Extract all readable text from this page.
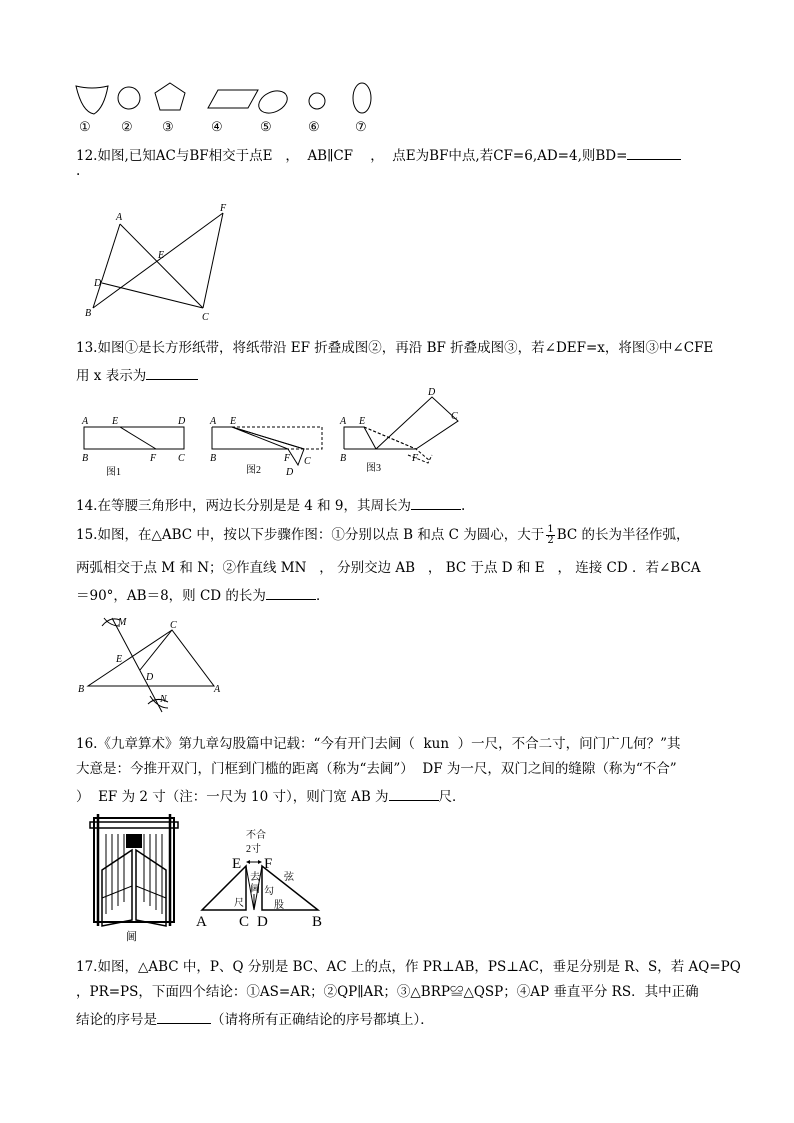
① ② ③	④	⑤	⑥	⑦
12.如图,已知AC与BF相交于点E   ，  AB∥CF    ，  点E为BF中点,若CF=6,AD=4,则BD=
.
A
B	C
D
E
F
13.如图①是长方形纸带，将纸带沿 EF 折叠成图②，再沿 BF 折叠成图③，若∠DEF=x，将图③中∠CFE
用 x 表示为
A E	D
B	F C
图1
A E
B	F C
D
图2
A E
D
C
B	F
图3
14.在等腰三角形中，两边长分别是是 4 和 9，其周长为	.
15.如图，在△ABC 中，按以下步骤作图：①分别以点 B 和点 C 为圆心，大于 $\frac{1}{2}$ BC 的长为半径作弧，
两弧相交于点 M 和 N；②作直线 MN   ， 分别交边 AB   ， BC 于点 D 和 E   ， 连接 CD ．若∠BCA
＝90°，AB＝8，则 CD 的长为	．
M	C
E
D
B	A
N
16.《九章算术》第九章勾股篇中记载：“今有开门去阃（  kun  ）一尺，不合二寸，问门广几何？”其
大意是：今推开双门，门框到门槛的距离（称为“去阃”）  DF 为一尺，双门之间的缝隙（称为“不合”
）  EF 为 2 寸（注：一尺为 10 寸），则门宽 AB 为	尺．
阃
不合
2寸
E F
A C D	B
尺
去
阃
弦
勾
股
17.如图，△ABC 中，P、Q 分别是 BC、AC 上的点，作 PR⊥AB，PS⊥AC，垂足分别是 R、S，若 AQ=PQ
，PR=PS，下面四个结论：①AS=AR；②QP∥AR；③△BRP≌△QSP；④AP 垂直平分 RS．其中正确
结论的序号是	（请将所有正确结论的序号都填上）．
